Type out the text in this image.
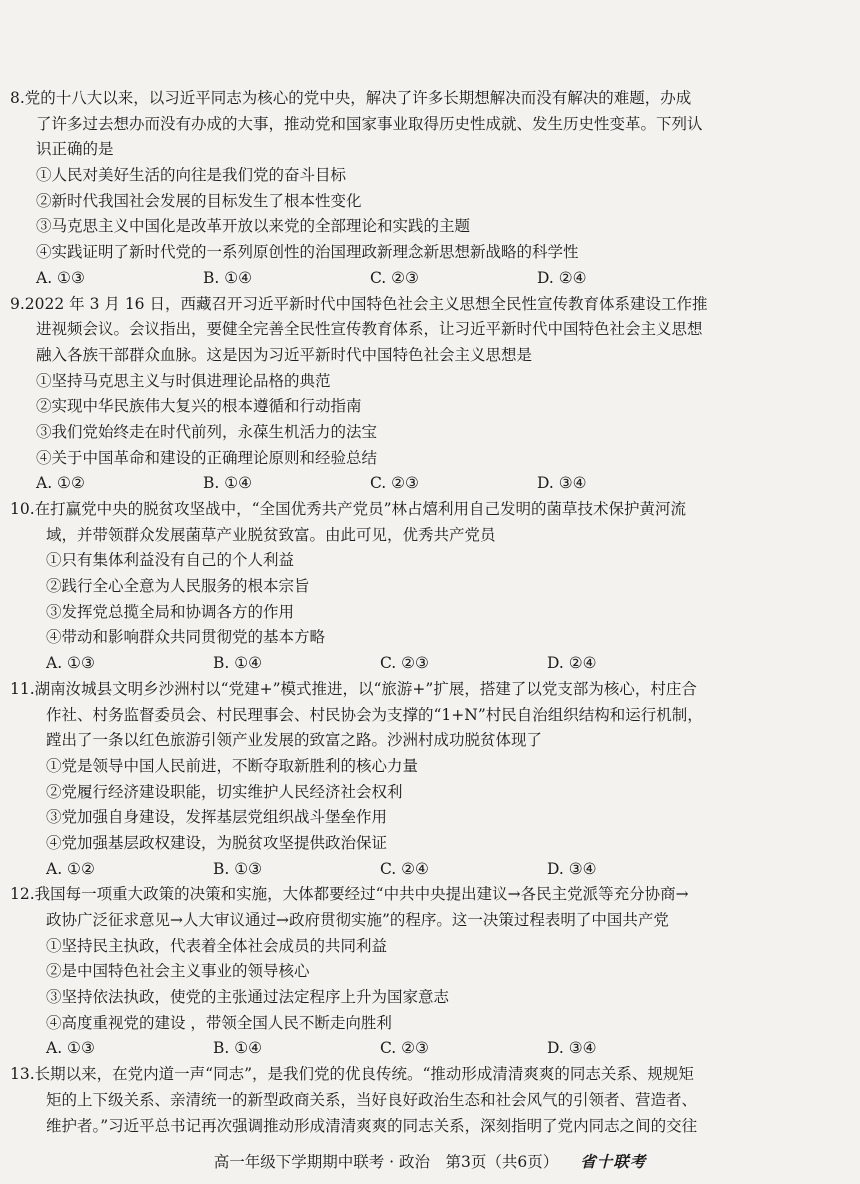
8.党的十八大以来，以习近平同志为核心的党中央，解决了许多长期想解决而没有解决的难题，办成
了许多过去想办而没有办成的大事，推动党和国家事业取得历史性成就、发生历史性变革。下列认
识正确的是
①人民对美好生活的向往是我们党的奋斗目标
②新时代我国社会发展的目标发生了根本性变化
③马克思主义中国化是改革开放以来党的全部理论和实践的主题
④实践证明了新时代党的一系列原创性的治国理政新理念新思想新战略的科学性
A. ①③	B. ①④	C. ②③	D. ②④
9.2022 年 3 月 16 日，西藏召开习近平新时代中国特色社会主义思想全民性宣传教育体系建设工作推
进视频会议。会议指出，要健全完善全民性宣传教育体系，让习近平新时代中国特色社会主义思想
融入各族干部群众血脉。这是因为习近平新时代中国特色社会主义思想是
①坚持马克思主义与时俱进理论品格的典范
②实现中华民族伟大复兴的根本遵循和行动指南
③我们党始终走在时代前列，永葆生机活力的法宝
④关于中国革命和建设的正确理论原则和经验总结
A. ①②	B. ①④	C. ②③	D. ③④
10.在打赢党中央的脱贫攻坚战中，“全国优秀共产党员”林占熺利用自己发明的菌草技术保护黄河流
域，并带领群众发展菌草产业脱贫致富。由此可见，优秀共产党员
①只有集体利益没有自己的个人利益
②践行全心全意为人民服务的根本宗旨
③发挥党总揽全局和协调各方的作用
④带动和影响群众共同贯彻党的基本方略
A. ①③	B. ①④	C. ②③	D. ②④
11.湖南汝城县文明乡沙洲村以“党建+”模式推进，以“旅游+”扩展，搭建了以党支部为核心，村庄合
作社、村务监督委员会、村民理事会、村民协会为支撑的“1+N”村民自治组织结构和运行机制，
蹚出了一条以红色旅游引领产业发展的致富之路。沙洲村成功脱贫体现了
①党是领导中国人民前进，不断夺取新胜利的核心力量
②党履行经济建设职能，切实维护人民经济社会权利
③党加强自身建设，发挥基层党组织战斗堡垒作用
④党加强基层政权建设，为脱贫攻坚提供政治保证
A. ①②	B. ①③	C. ②④	D. ③④
12.我国每一项重大政策的决策和实施，大体都要经过“中共中央提出建议→各民主党派等充分协商→
政协广泛征求意见→人大审议通过→政府贯彻实施”的程序。这一决策过程表明了中国共产党
①坚持民主执政，代表着全体社会成员的共同利益
②是中国特色社会主义事业的领导核心
③坚持依法执政，使党的主张通过法定程序上升为国家意志
④高度重视党的建设 ，带领全国人民不断走向胜利
A. ①③	B. ①④	C. ②③	D. ③④
13.长期以来，在党内道一声“同志”，是我们党的优良传统。“推动形成清清爽爽的同志关系、规规矩
矩的上下级关系、亲清统一的新型政商关系，当好良好政治生态和社会风气的引领者、营造者、
维护者。”习近平总书记再次强调推动形成清清爽爽的同志关系，深刻指明了党内同志之间的交往
高一年级下学期期中联考 · 政治　第3页（共6页） 省十联考
